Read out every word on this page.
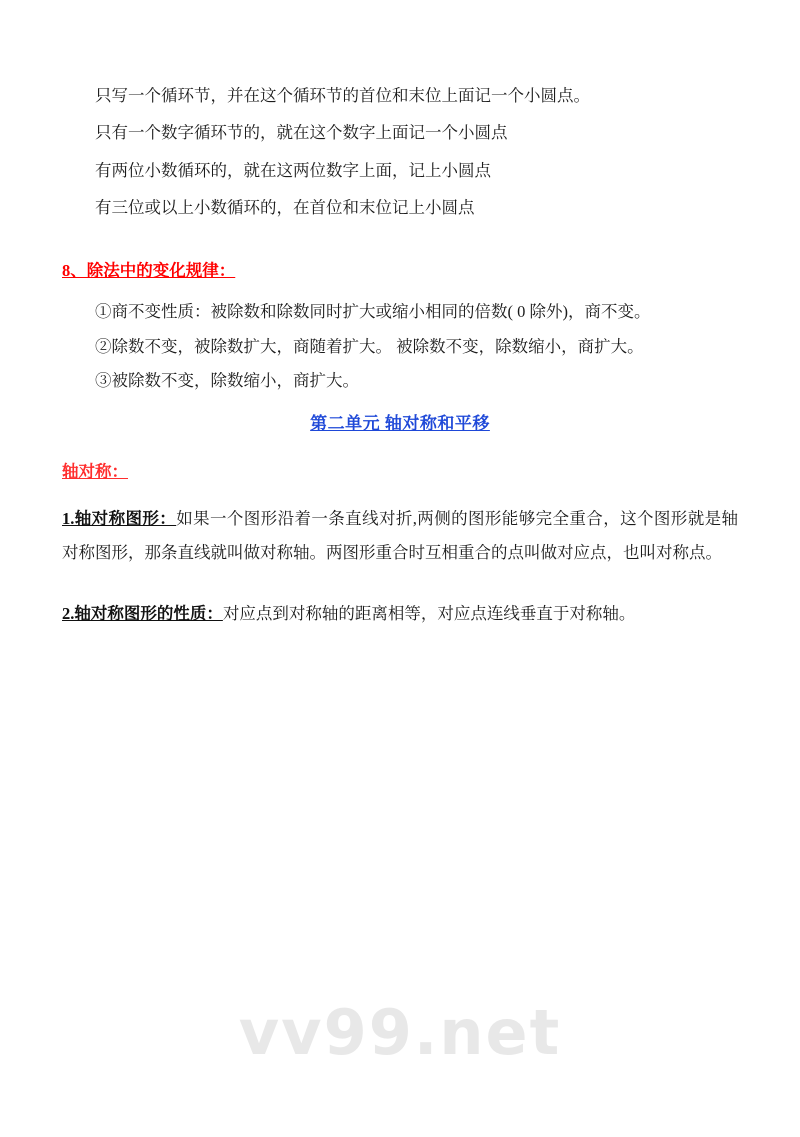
只写一个循环节，并在这个循环节的首位和末位上面记一个小圆点。

只有一个数字循环节的，就在这个数字上面记一个小圆点

有两位小数循环的，就在这两位数字上面，记上小圆点

有三位或以上小数循环的，在首位和末位记上小圆点

8、除法中的变化规律：

①商不变性质：被除数和除数同时扩大或缩小相同的倍数( 0 除外)，商不变。

②除数不变，被除数扩大，商随着扩大。 被除数不变，除数缩小，商扩大。

③被除数不变，除数缩小，商扩大。

第二单元 轴对称和平移

轴对称：

1.轴对称图形：如果一个图形沿着一条直线对折,两侧的图形能够完全重合，这个图形就是轴对称图形，那条直线就叫做对称轴。两图形重合时互相重合的点叫做对应点，也叫对称点。

2.轴对称图形的性质：对应点到对称轴的距离相等，对应点连线垂直于对称轴。

vv99.net
